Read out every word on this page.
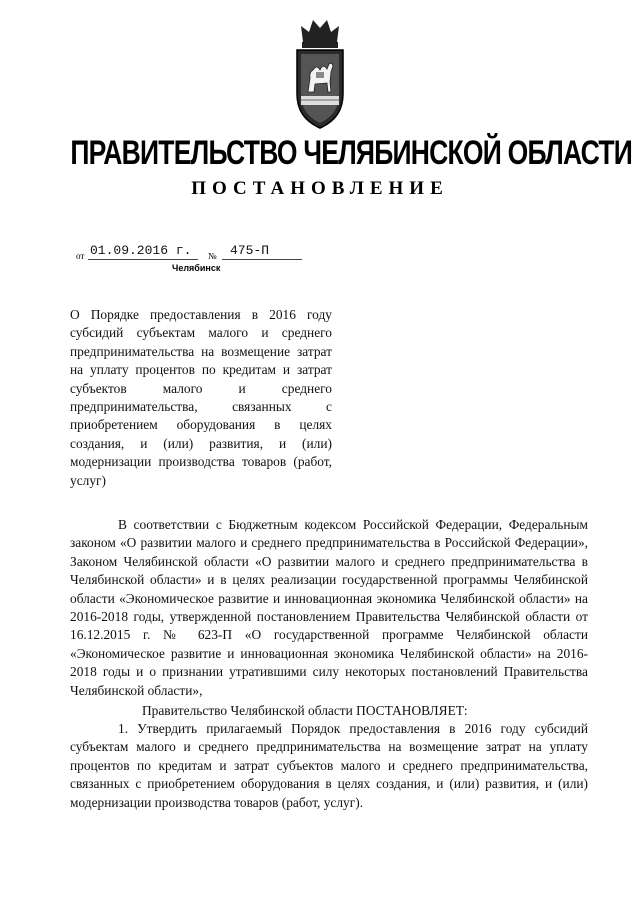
ПРАВИТЕЛЬСТВО ЧЕЛЯБИНСКОЙ ОБЛАСТИ
ПОСТАНОВЛЕНИЕ
от 01.09.2016 г. № 475-П
Челябинск
О Порядке предоставления в 2016 году субсидий субъектам малого и среднего предпринимательства на возмещение затрат на уплату процентов по кредитам и затрат субъектов малого и среднего предпринимательства, связанных с приобретением оборудования в целях создания, и (или) развития, и (или) модернизации производства товаров (работ, услуг)

В соответствии с Бюджетным кодексом Российской Федерации, Федеральным законом «О развитии малого и среднего предпринимательства в Российской Федерации», Законом Челябинской области «О развитии малого и среднего предпринимательства в Челябинской области» и в целях реализации государственной программы Челябинской области «Экономическое развитие и инновационная экономика Челябинской области» на 2016-2018 годы, утвержденной постановлением Правительства Челябинской области от 16.12.2015 г. № 623-П «О государственной программе Челябинской области «Экономическое развитие и инновационная экономика Челябинской области» на 2016-2018 годы и о признании утратившими силу некоторых постановлений Правительства Челябинской области»,

Правительство Челябинской области ПОСТАНОВЛЯЕТ:
1. Утвердить прилагаемый Порядок предоставления в 2016 году субсидий субъектам малого и среднего предпринимательства на возмещение затрат на уплату процентов по кредитам и затрат субъектов малого и среднего предпринимательства, связанных с приобретением оборудования в целях создания, и (или) развития, и (или) модернизации производства товаров (работ, услуг).
